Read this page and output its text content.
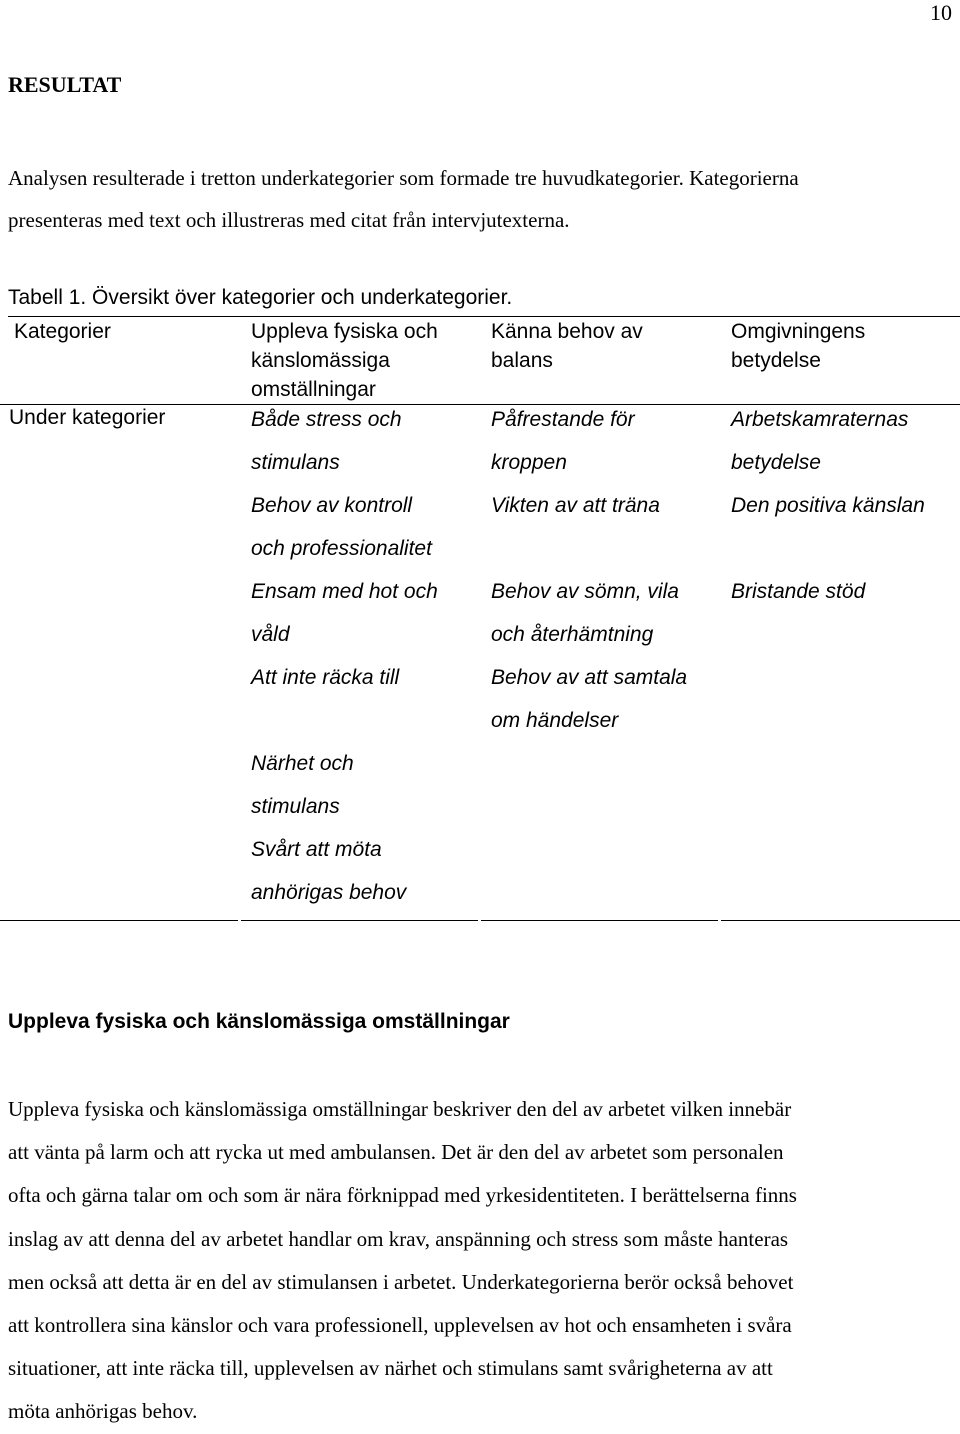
10
RESULTAT
Analysen resulterade i tretton underkategorier som formade tre huvudkategorier. Kategorierna
presenteras med text och illustreras med citat från intervjutexterna.
Tabell 1. Översikt över kategorier och underkategorier.
Kategorier	Uppleva fysiska och
känslomässiga
omställningar
Känna behov av
balans
Omgivningens
betydelse
Under kategorier	Både stress och
stimulans
Behov av kontroll
och professionalitet
Ensam med hot och
våld
Att inte räcka till

Närhet och
stimulans
Svårt att möta
anhörigas behov
Påfrestande för
kroppen
Vikten av att träna

Behov av sömn, vila
och återhämtning
Behov av att samtala
om händelser
Arbetskamraternas
betydelse
Den positiva känslan

Bristande stöd
Uppleva fysiska och känslomässiga omställningar
Uppleva fysiska och känslomässiga omställningar beskriver den del av arbetet vilken innebär
att vänta på larm och att rycka ut med ambulansen. Det är den del av arbetet som personalen
ofta och gärna talar om och som är nära förknippad med yrkesidentiteten. I berättelserna finns
inslag av att denna del av arbetet handlar om krav, anspänning och stress som måste hanteras
men också att detta är en del av stimulansen i arbetet. Underkategorierna berör också behovet
att kontrollera sina känslor och vara professionell, upplevelsen av hot och ensamheten i svåra
situationer, att inte räcka till, upplevelsen av närhet och stimulans samt svårigheterna av att
möta anhörigas behov.
